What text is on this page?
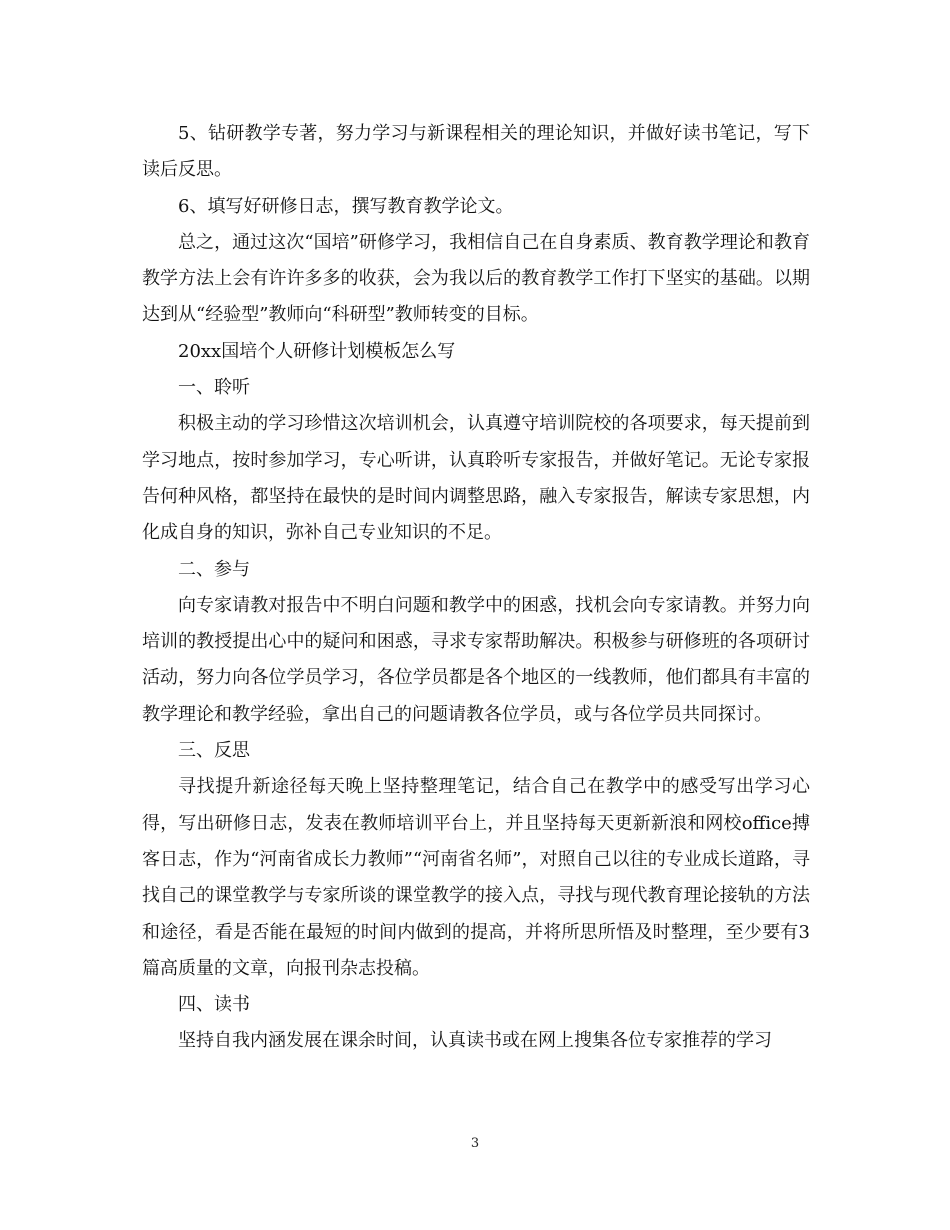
5、钻研教学专著，努力学习与新课程相关的理论知识，并做好读书笔记，写下读后反思。

6、填写好研修日志，撰写教育教学论文。

总之，通过这次“国培”研修学习，我相信自己在自身素质、教育教学理论和教育教学方法上会有许许多多的收获，会为我以后的教育教学工作打下坚实的基础。以期达到从“经验型”教师向“科研型”教师转变的目标。

20xx国培个人研修计划模板怎么写

一、聆听

积极主动的学习珍惜这次培训机会，认真遵守培训院校的各项要求，每天提前到学习地点，按时参加学习，专心听讲，认真聆听专家报告，并做好笔记。无论专家报告何种风格，都坚持在最快的是时间内调整思路，融入专家报告，解读专家思想，内化成自身的知识，弥补自己专业知识的不足。

二、参与

向专家请教对报告中不明白问题和教学中的困惑，找机会向专家请教。并努力向培训的教授提出心中的疑问和困惑，寻求专家帮助解决。积极参与研修班的各项研讨活动，努力向各位学员学习，各位学员都是各个地区的一线教师，他们都具有丰富的教学理论和教学经验，拿出自己的问题请教各位学员，或与各位学员共同探讨。

三、反思

寻找提升新途径每天晚上坚持整理笔记，结合自己在教学中的感受写出学习心得，写出研修日志，发表在教师培训平台上，并且坚持每天更新新浪和网校office搏客日志，作为“河南省成长力教师”“河南省名师”，对照自己以往的专业成长道路，寻找自己的课堂教学与专家所谈的课堂教学的接入点，寻找与现代教育理论接轨的方法和途径，看是否能在最短的时间内做到的提高，并将所思所悟及时整理，至少要有3篇高质量的文章，向报刊杂志投稿。

四、读书

坚持自我内涵发展在课余时间，认真读书或在网上搜集各位专家推荐的学习

3
